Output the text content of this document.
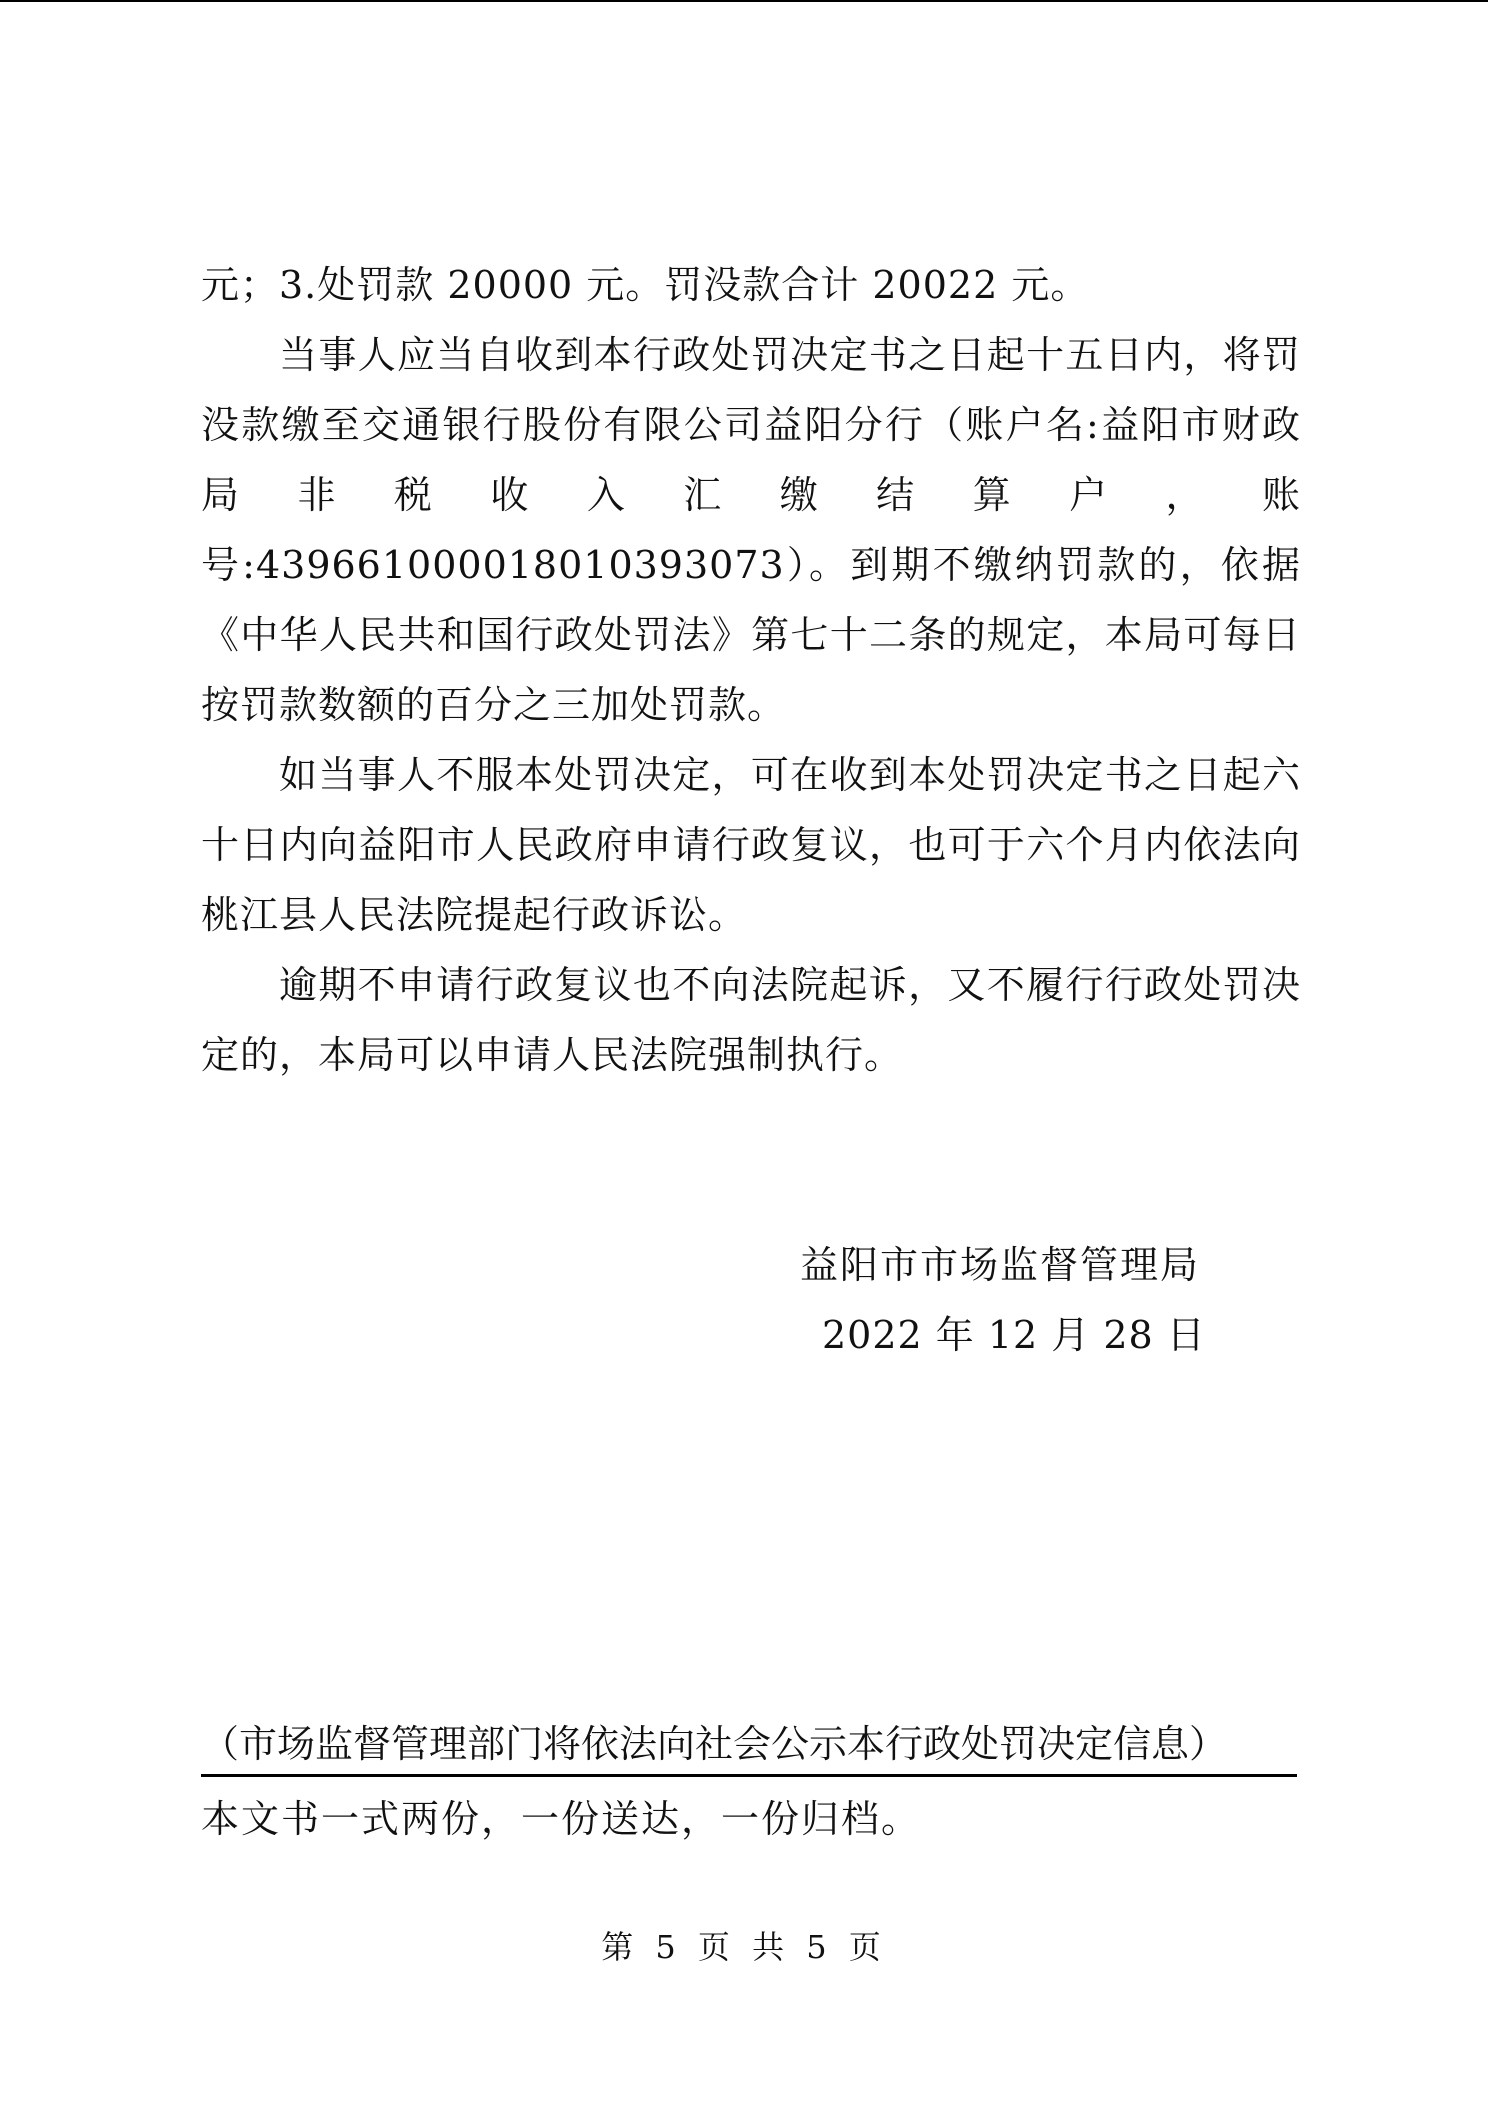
元；3.处罚款 20000 元。罚没款合计 20022 元。

当事人应当自收到本行政处罚决定书之日起十五日内，将罚没款缴至交通银行股份有限公司益阳分行（账户名:益阳市财政局非税收入汇缴结算户，账号:439661000018010393073）。到期不缴纳罚款的，依据《中华人民共和国行政处罚法》第七十二条的规定，本局可每日按罚款数额的百分之三加处罚款。

如当事人不服本处罚决定，可在收到本处罚决定书之日起六十日内向益阳市人民政府申请行政复议，也可于六个月内依法向桃江县人民法院提起行政诉讼。

逾期不申请行政复议也不向法院起诉，又不履行行政处罚决定的，本局可以申请人民法院强制执行。

益阳市市场监督管理局
2022 年 12 月 28 日
（市场监督管理部门将依法向社会公示本行政处罚决定信息）
本文书一式两份，一份送达，一份归档。
第 5 页 共 5 页
